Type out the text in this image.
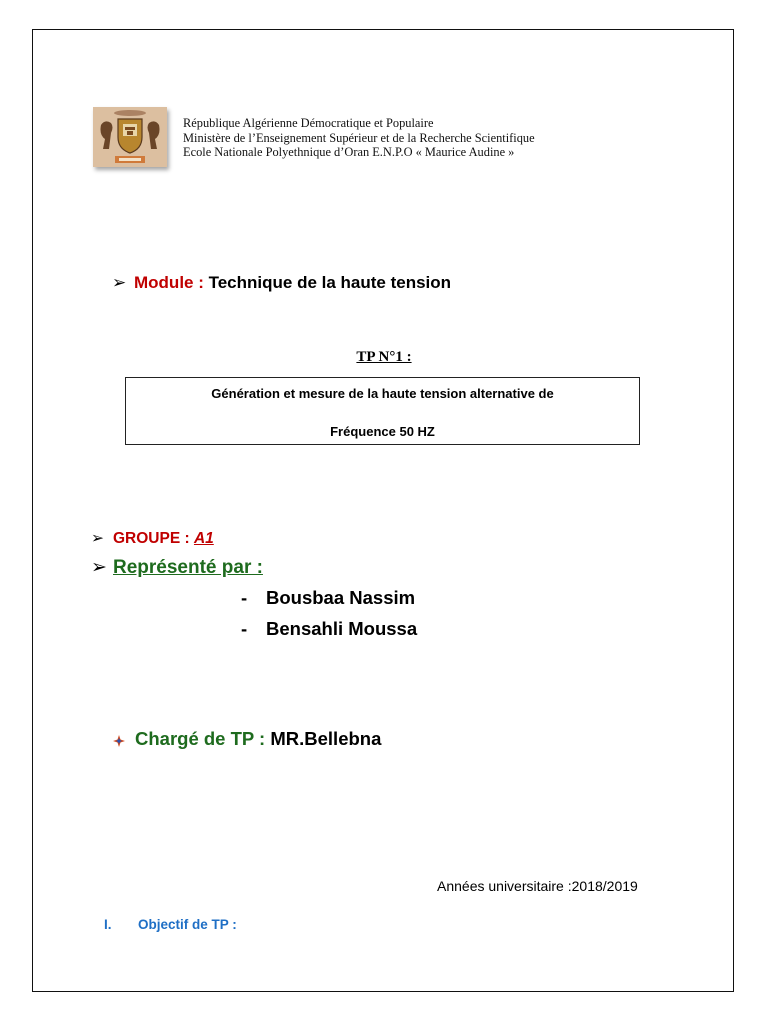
République Algérienne Démocratique et Populaire
Ministère de l’Enseignement Supérieur et de la Recherche Scientifique
Ecole Nationale Polyethnique d’Oran E.N.P.O « Maurice Audine »
➢ Module : Technique de la haute tension
TP N°1 :
Génération et mesure de la haute tension alternative de
Fréquence 50 HZ
➢ GROUPE : A1
➢ Représenté par :
- Bousbaa Nassim
- Bensahli Moussa
Chargé de TP : MR.Bellebna
Années universitaire :2018/2019
I. Objectif de TP :
